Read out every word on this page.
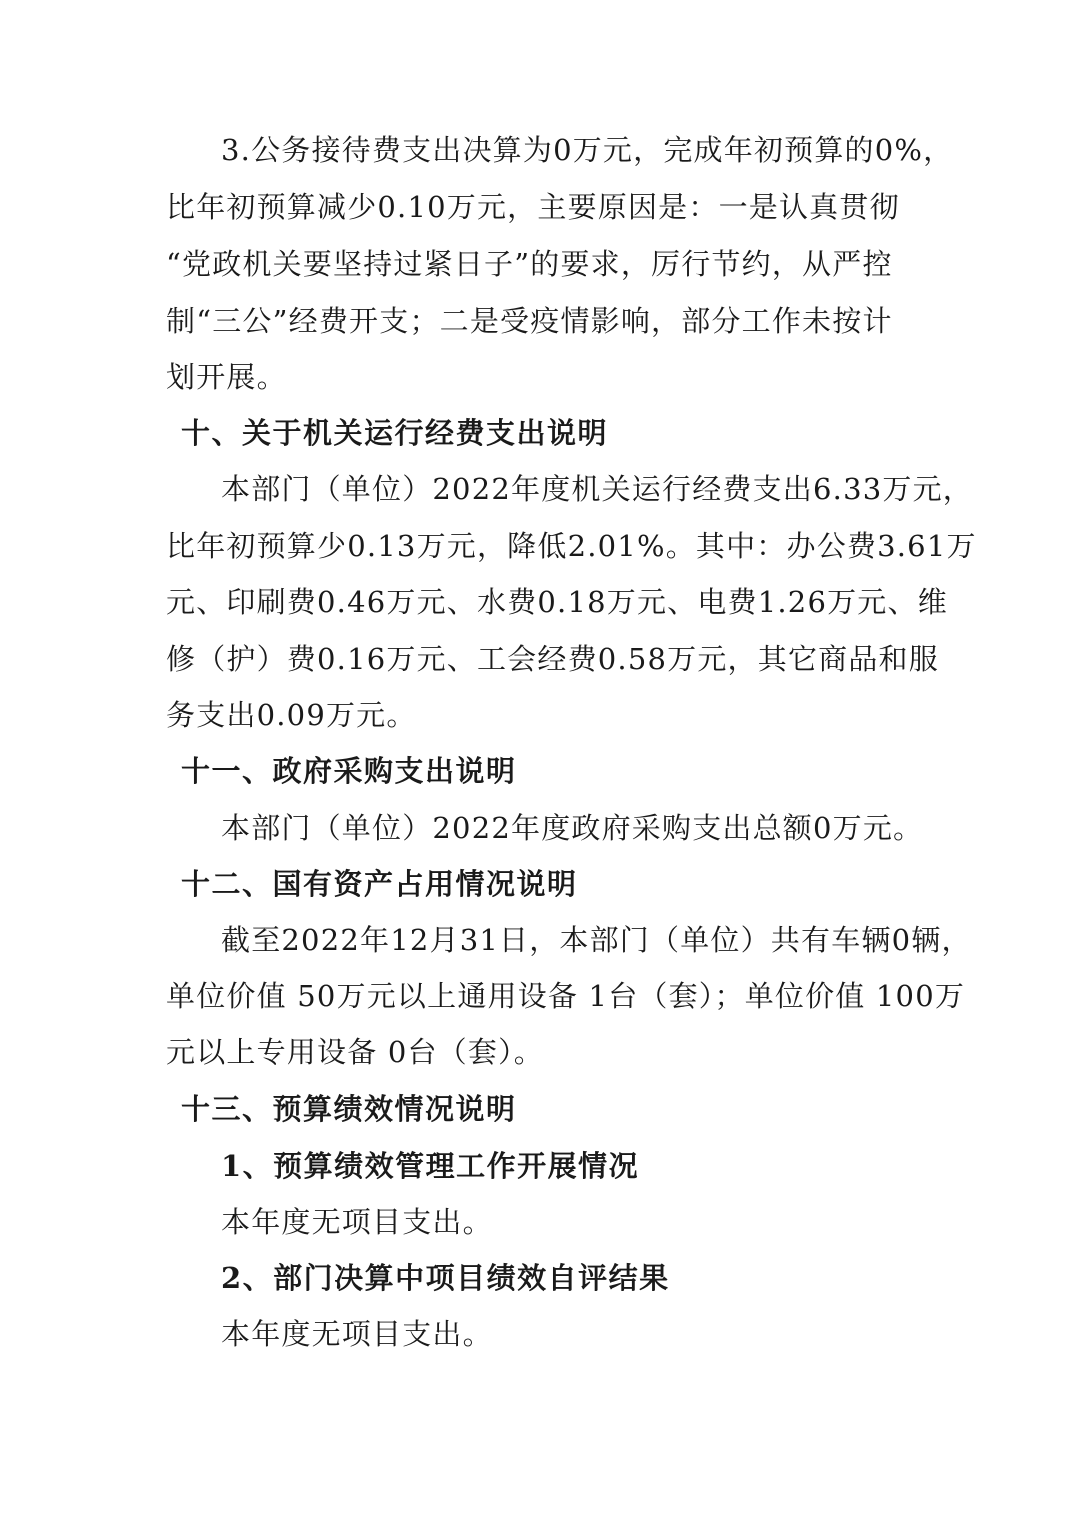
3.公务接待费支出决算为0万元，完成年初预算的0%，
比年初预算减少0.10万元，主要原因是：一是认真贯彻
“党政机关要坚持过紧日子”的要求，厉行节约，从严控
制“三公”经费开支；二是受疫情影响，部分工作未按计
划开展。
十、关于机关运行经费支出说明
本部门（单位）2022年度机关运行经费支出6.33万元，
比年初预算少0.13万元，降低2.01%。其中：办公费3.61万
元、印刷费0.46万元、水费0.18万元、电费1.26万元、维
修（护）费0.16万元、工会经费0.58万元，其它商品和服
务支出0.09万元。
十一、政府采购支出说明
本部门（单位）2022年度政府采购支出总额0万元。
十二、国有资产占用情况说明
截至2022年12月31日，本部门（单位）共有车辆0辆，
单位价值 50万元以上通用设备 1台（套）；单位价值 100万
元以上专用设备 0台（套）。
十三、预算绩效情况说明
1、预算绩效管理工作开展情况
本年度无项目支出。
2、部门决算中项目绩效自评结果
本年度无项目支出。
